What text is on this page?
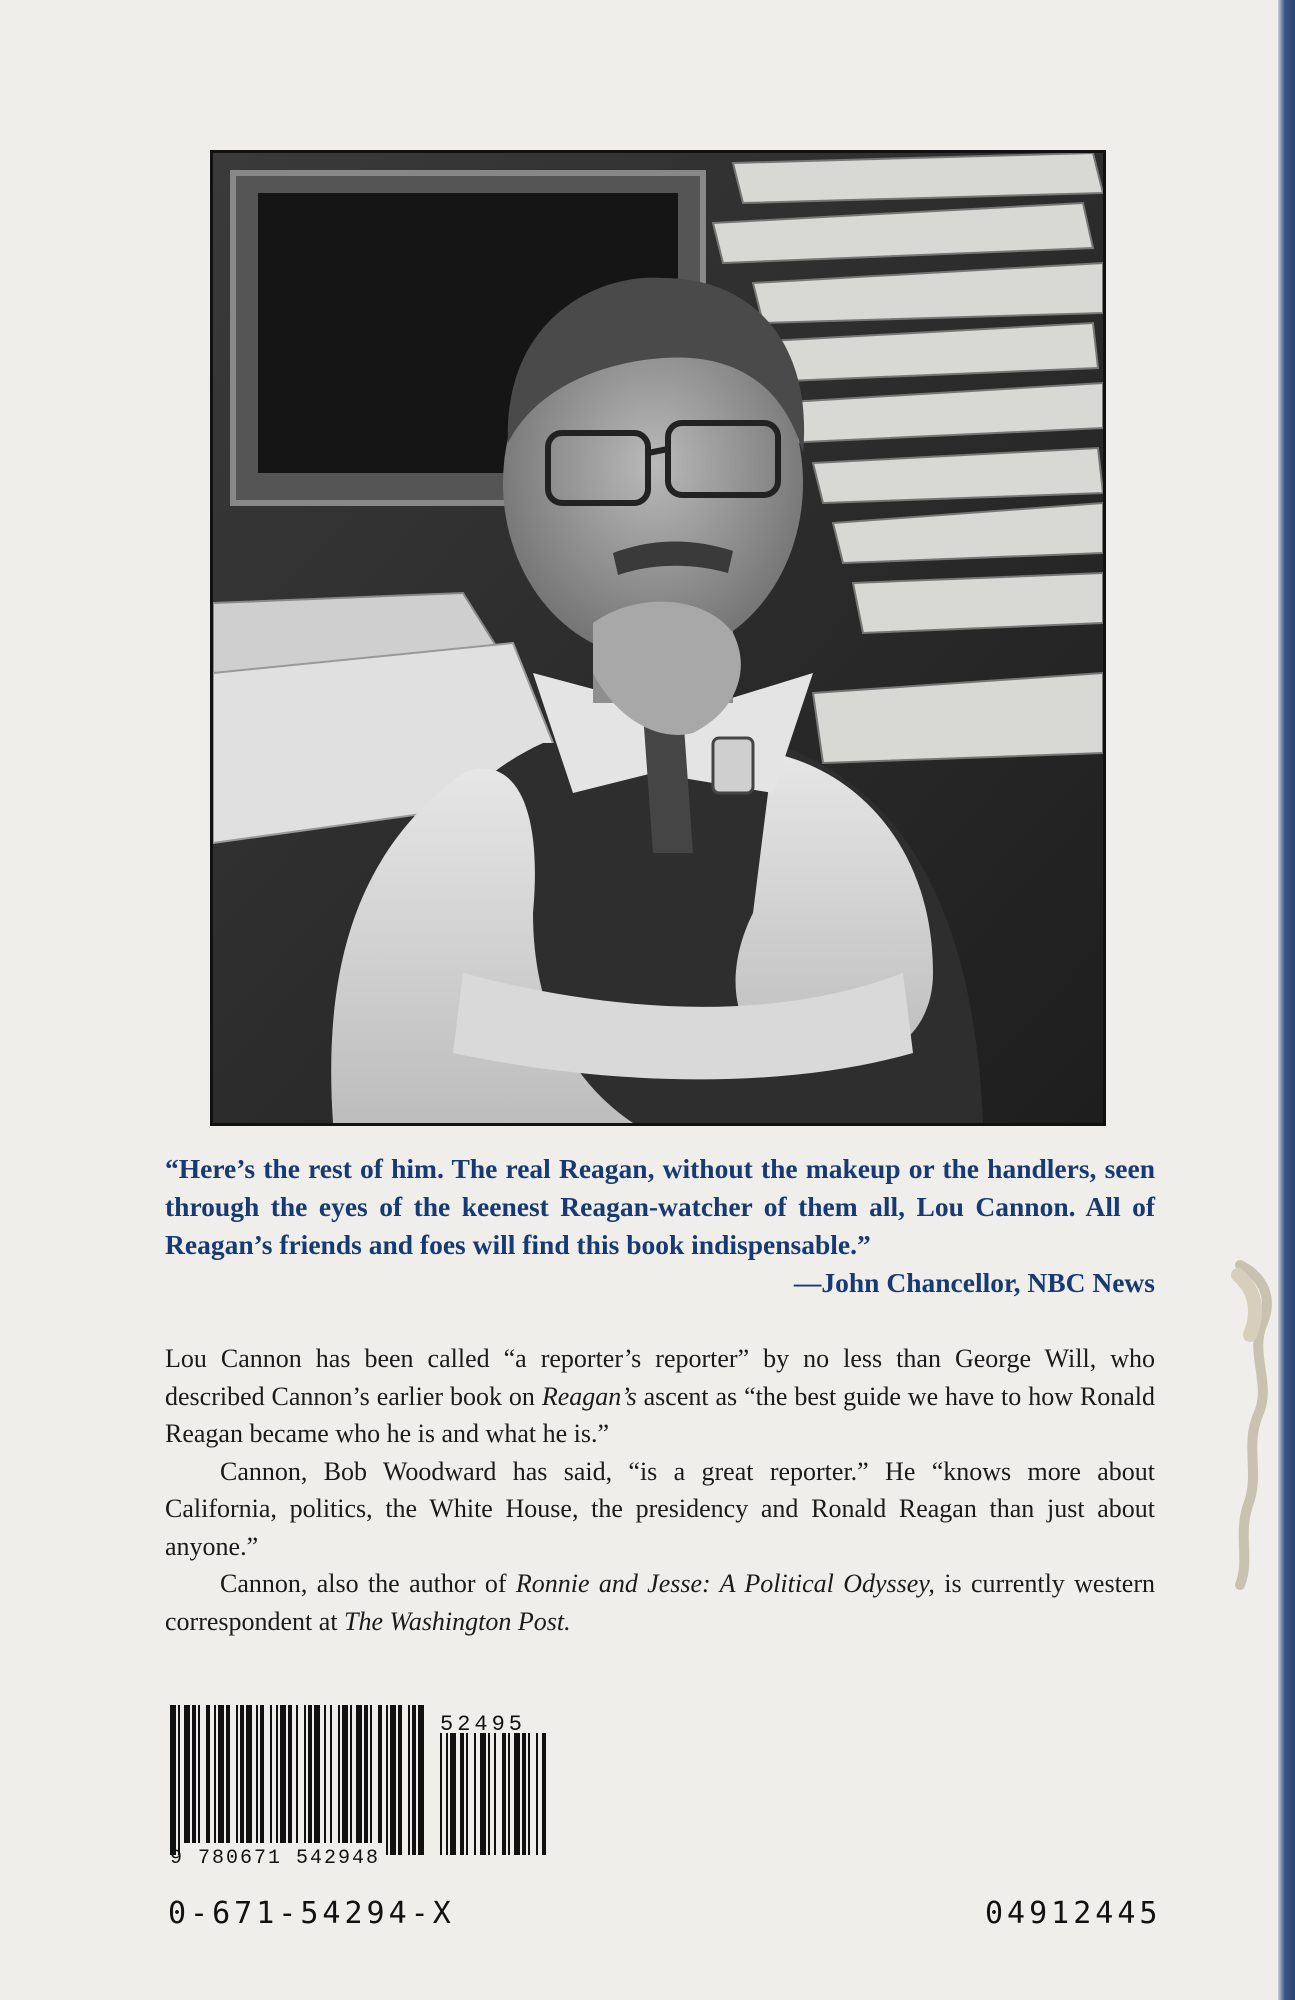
“Here’s the rest of him. The real Reagan, without the makeup or the handlers, seen through the eyes of the keenest Reagan-watcher of them all, Lou Cannon. All of Reagan’s friends and foes will find this book indispensable.”
—John Chancellor, NBC News

Lou Cannon has been called “a reporter’s reporter” by no less than George Will, who described Cannon’s earlier book on Reagan’s ascent as “the best guide we have to how Ronald Reagan became who he is and what he is.”

Cannon, Bob Woodward has said, “is a great reporter.” He “knows more about California, politics, the White House, the presidency and Ronald Reagan than just about anyone.”

Cannon, also the author of Ronnie and Jesse: A Political Odyssey, is currently western correspondent at The Washington Post.

52495
9 780671 542948
0-671-54294-X	04912445
